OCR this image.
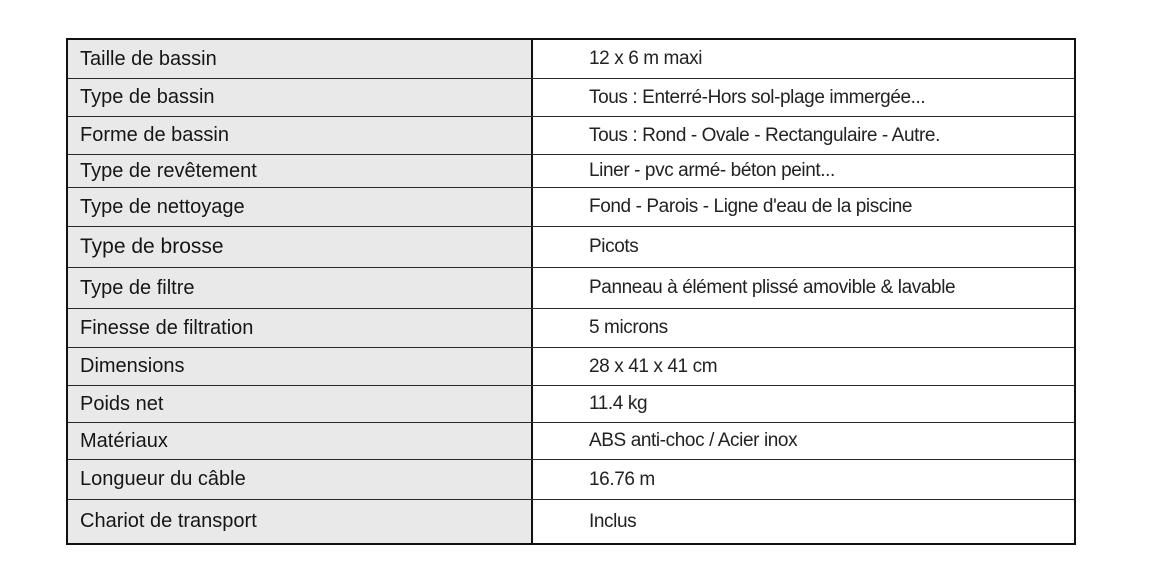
Taille de bassin	12 x 6 m maxi
Type de bassin	Tous : Enterré-Hors sol-plage immergée...
Forme de bassin	Tous : Rond - Ovale - Rectangulaire - Autre.
Type de revêtement	Liner - pvc armé- béton peint...
Type de nettoyage	Fond - Parois - Ligne d'eau de la piscine
Type de brosse	Picots
Type de filtre	Panneau à élément plissé amovible & lavable
Finesse de filtration	5 microns
Dimensions	28 x 41 x 41 cm
Poids net	11.4 kg
Matériaux	ABS anti-choc / Acier inox
Longueur du câble	16.76 m
Chariot de transport	Inclus
